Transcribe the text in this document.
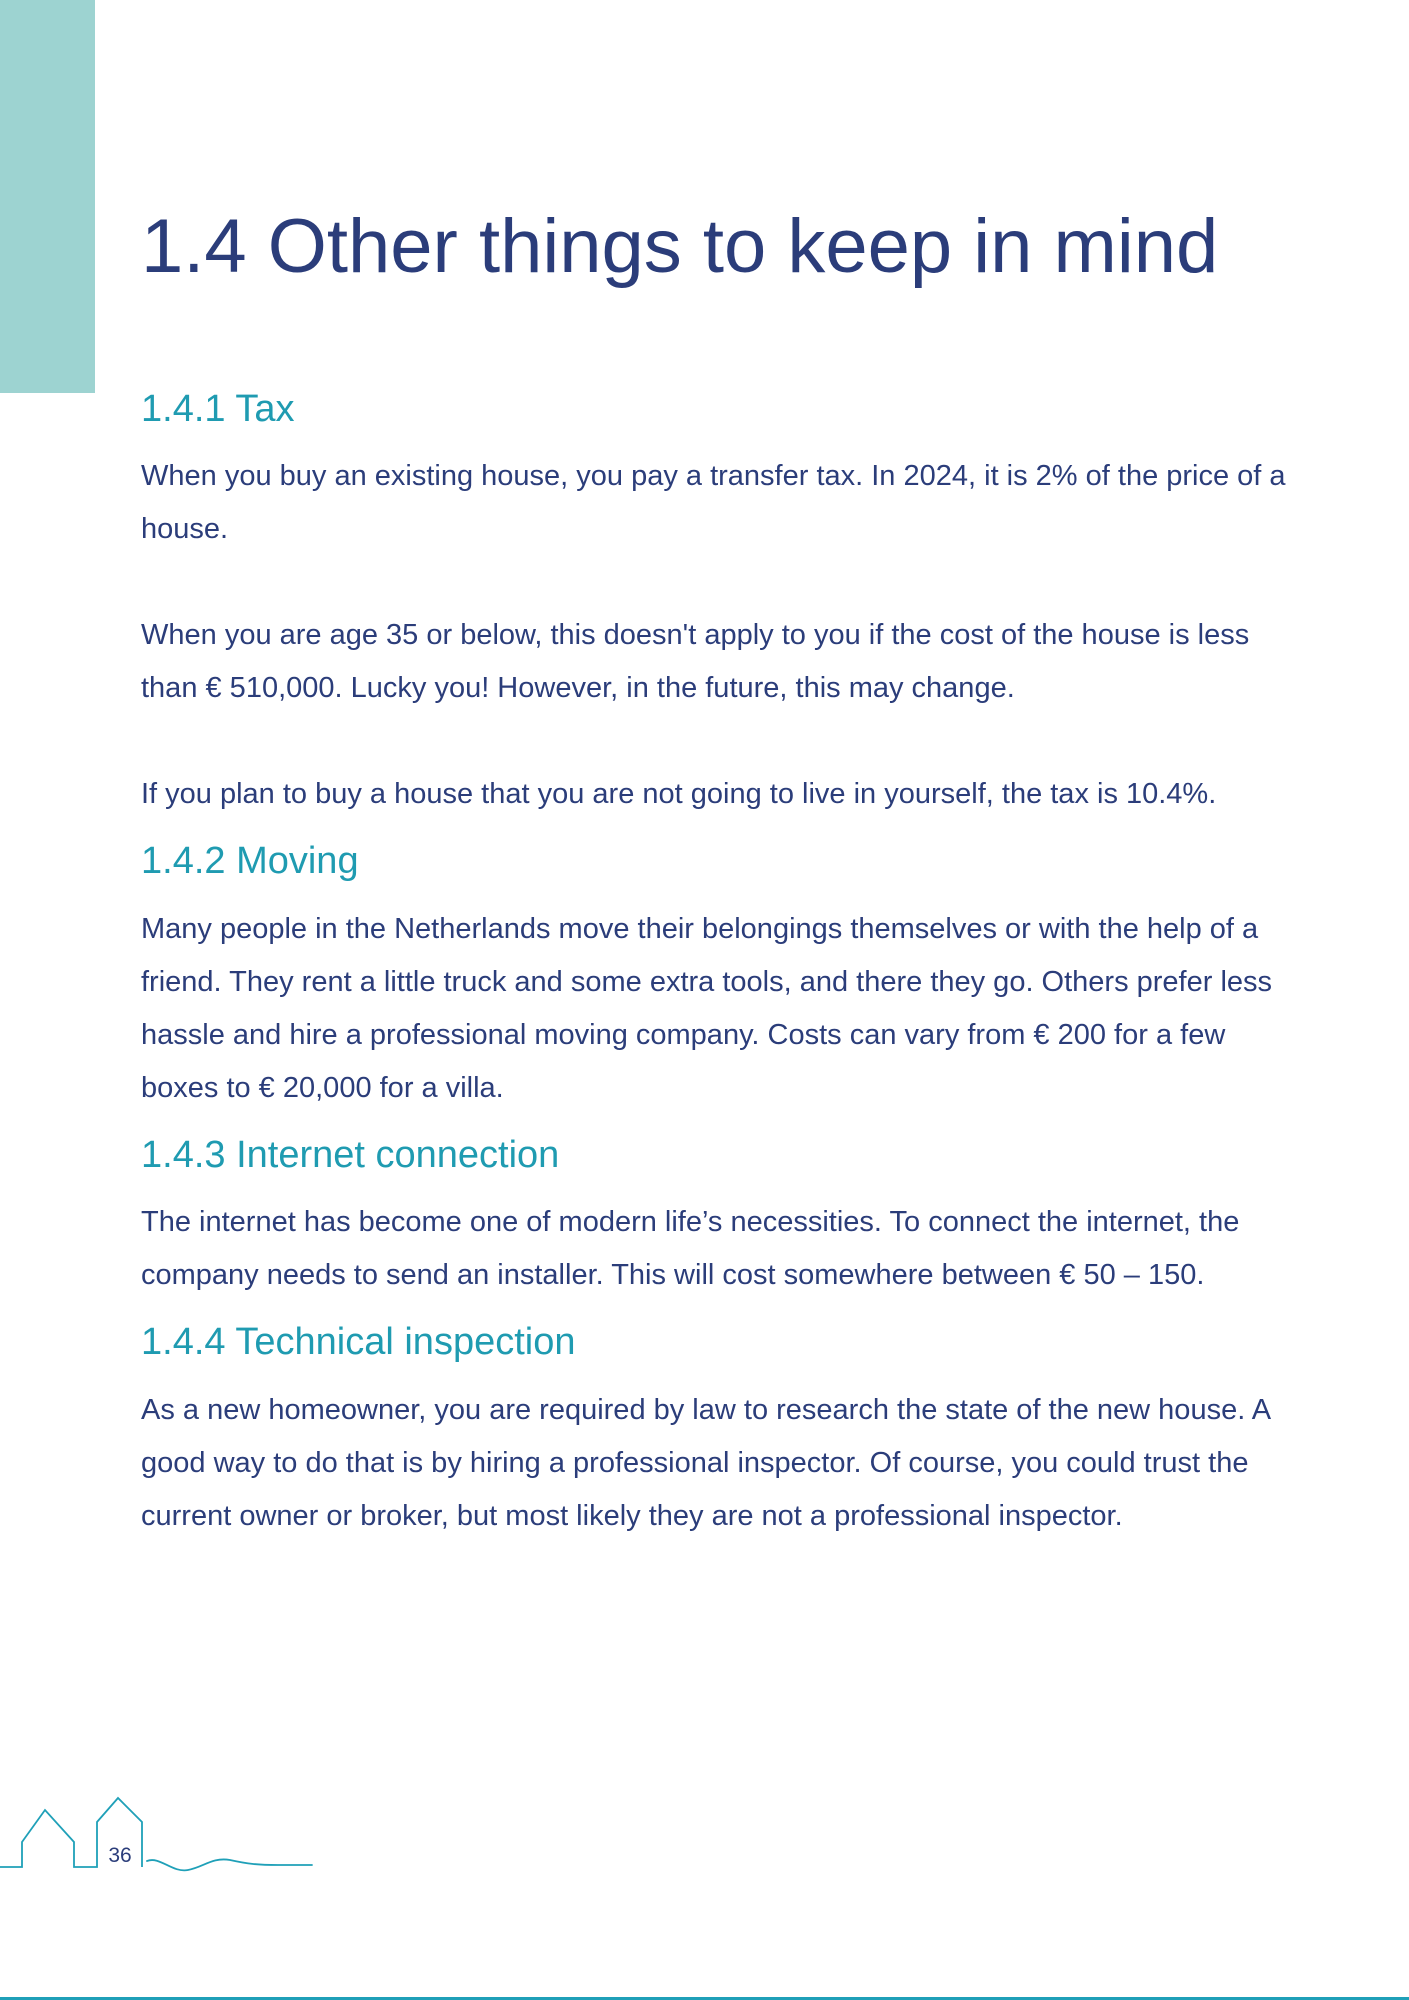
1.4 Other things to keep in mind
1.4.1 Tax

When you buy an existing house, you pay a transfer tax. In 2024, it is 2% of the price of a house.

When you are age 35 or below, this doesn't apply to you if the cost of the house is less than € 510,000. Lucky you! However, in the future, this may change.

If you plan to buy a house that you are not going to live in yourself, the tax is 10.4%.

1.4.2 Moving

Many people in the Netherlands move their belongings themselves or with the help of a friend. They rent a little truck and some extra tools, and there they go. Others prefer less hassle and hire a professional moving company. Costs can vary from € 200 for a few boxes to € 20,000 for a villa.

1.4.3 Internet connection

The internet has become one of modern life’s necessities. To connect the internet, the company needs to send an installer. This will cost somewhere between € 50 – 150.

1.4.4 Technical inspection

As a new homeowner, you are required by law to research the state of the new house. A good way to do that is by hiring a professional inspector. Of course, you could trust the current owner or broker, but most likely they are not a professional inspector.

36
